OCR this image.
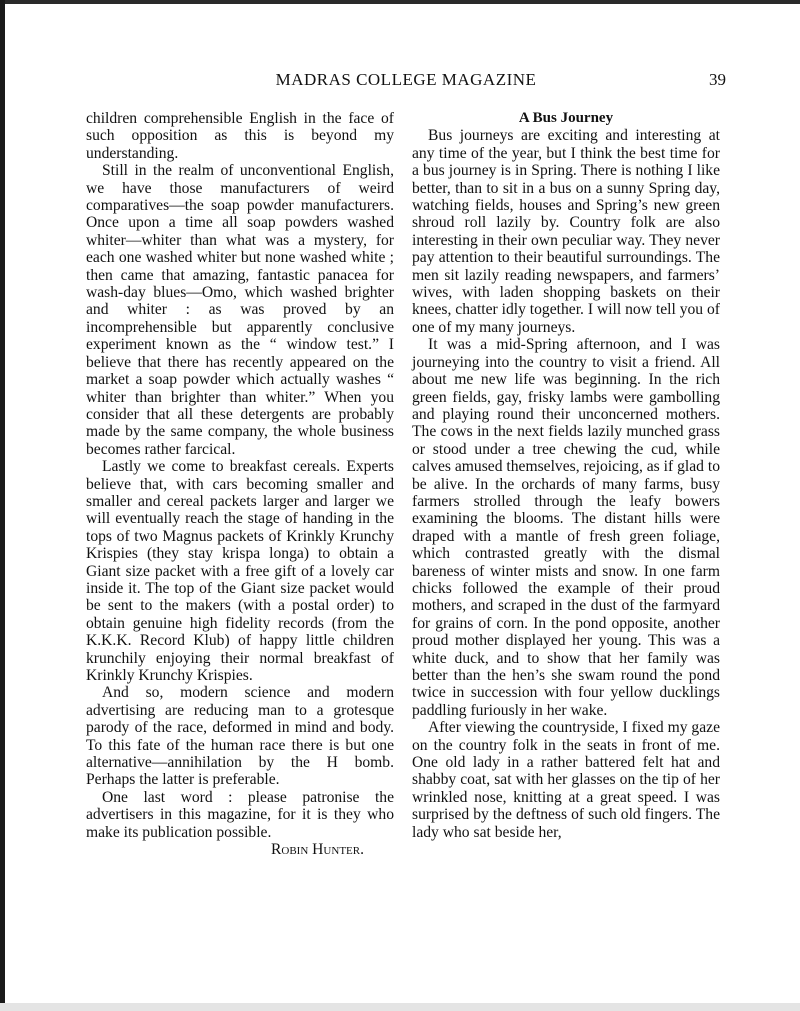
MADRAS COLLEGE MAGAZINE	39

children comprehensible English in the face of such opposition as this is beyond my understanding.

Still in the realm of unconventional English, we have those manufacturers of weird comparatives—the soap powder manufacturers. Once upon a time all soap powders washed whiter—whiter than what was a mystery, for each one washed whiter but none washed white ; then came that amazing, fantastic panacea for wash-day blues—Omo, which washed brighter and whiter : as was proved by an incomprehensible but apparently conclusive experiment known as the “ window test.” I believe that there has recently appeared on the market a soap powder which actually washes “ whiter than brighter than whiter.” When you consider that all these detergents are probably made by the same company, the whole business becomes rather farcical.

Lastly we come to breakfast cereals. Experts believe that, with cars becoming smaller and smaller and cereal packets larger and larger we will eventually reach the stage of handing in the tops of two Magnus packets of Krinkly Krunchy Krispies (they stay krispa longa) to obtain a Giant size packet with a free gift of a lovely car inside it. The top of the Giant size packet would be sent to the makers (with a postal order) to obtain genuine high fidelity records (from the K.K.K. Record Klub) of happy little children krunchily enjoying their normal breakfast of Krinkly Krunchy Krispies.

And so, modern science and modern advertising are reducing man to a grotesque parody of the race, deformed in mind and body. To this fate of the human race there is but one alternative—annihilation by the H bomb. Perhaps the latter is preferable.

One last word : please patronise the advertisers in this magazine, for it is they who make its publication possible.

Robin Hunter.

A Bus Journey

Bus journeys are exciting and interesting at any time of the year, but I think the best time for a bus journey is in Spring. There is nothing I like better, than to sit in a bus on a sunny Spring day, watching fields, houses and Spring’s new green shroud roll lazily by. Country folk are also interesting in their own peculiar way. They never pay attention to their beautiful surroundings. The men sit lazily reading newspapers, and farmers’ wives, with laden shopping baskets on their knees, chatter idly together. I will now tell you of one of my many journeys.

It was a mid-Spring afternoon, and I was journeying into the country to visit a friend. All about me new life was beginning. In the rich green fields, gay, frisky lambs were gambolling and playing round their unconcerned mothers. The cows in the next fields lazily munched grass or stood under a tree chewing the cud, while calves amused themselves, rejoicing, as if glad to be alive. In the orchards of many farms, busy farmers strolled through the leafy bowers examining the blooms. The distant hills were draped with a mantle of fresh green foliage, which contrasted greatly with the dismal bareness of winter mists and snow. In one farm chicks followed the example of their proud mothers, and scraped in the dust of the farmyard for grains of corn. In the pond opposite, another proud mother displayed her young. This was a white duck, and to show that her family was better than the hen’s she swam round the pond twice in succession with four yellow ducklings paddling furiously in her wake.

After viewing the countryside, I fixed my gaze on the country folk in the seats in front of me. One old lady in a rather battered felt hat and shabby coat, sat with her glasses on the tip of her wrinkled nose, knitting at a great speed. I was surprised by the deftness of such old fingers. The lady who sat beside her,
